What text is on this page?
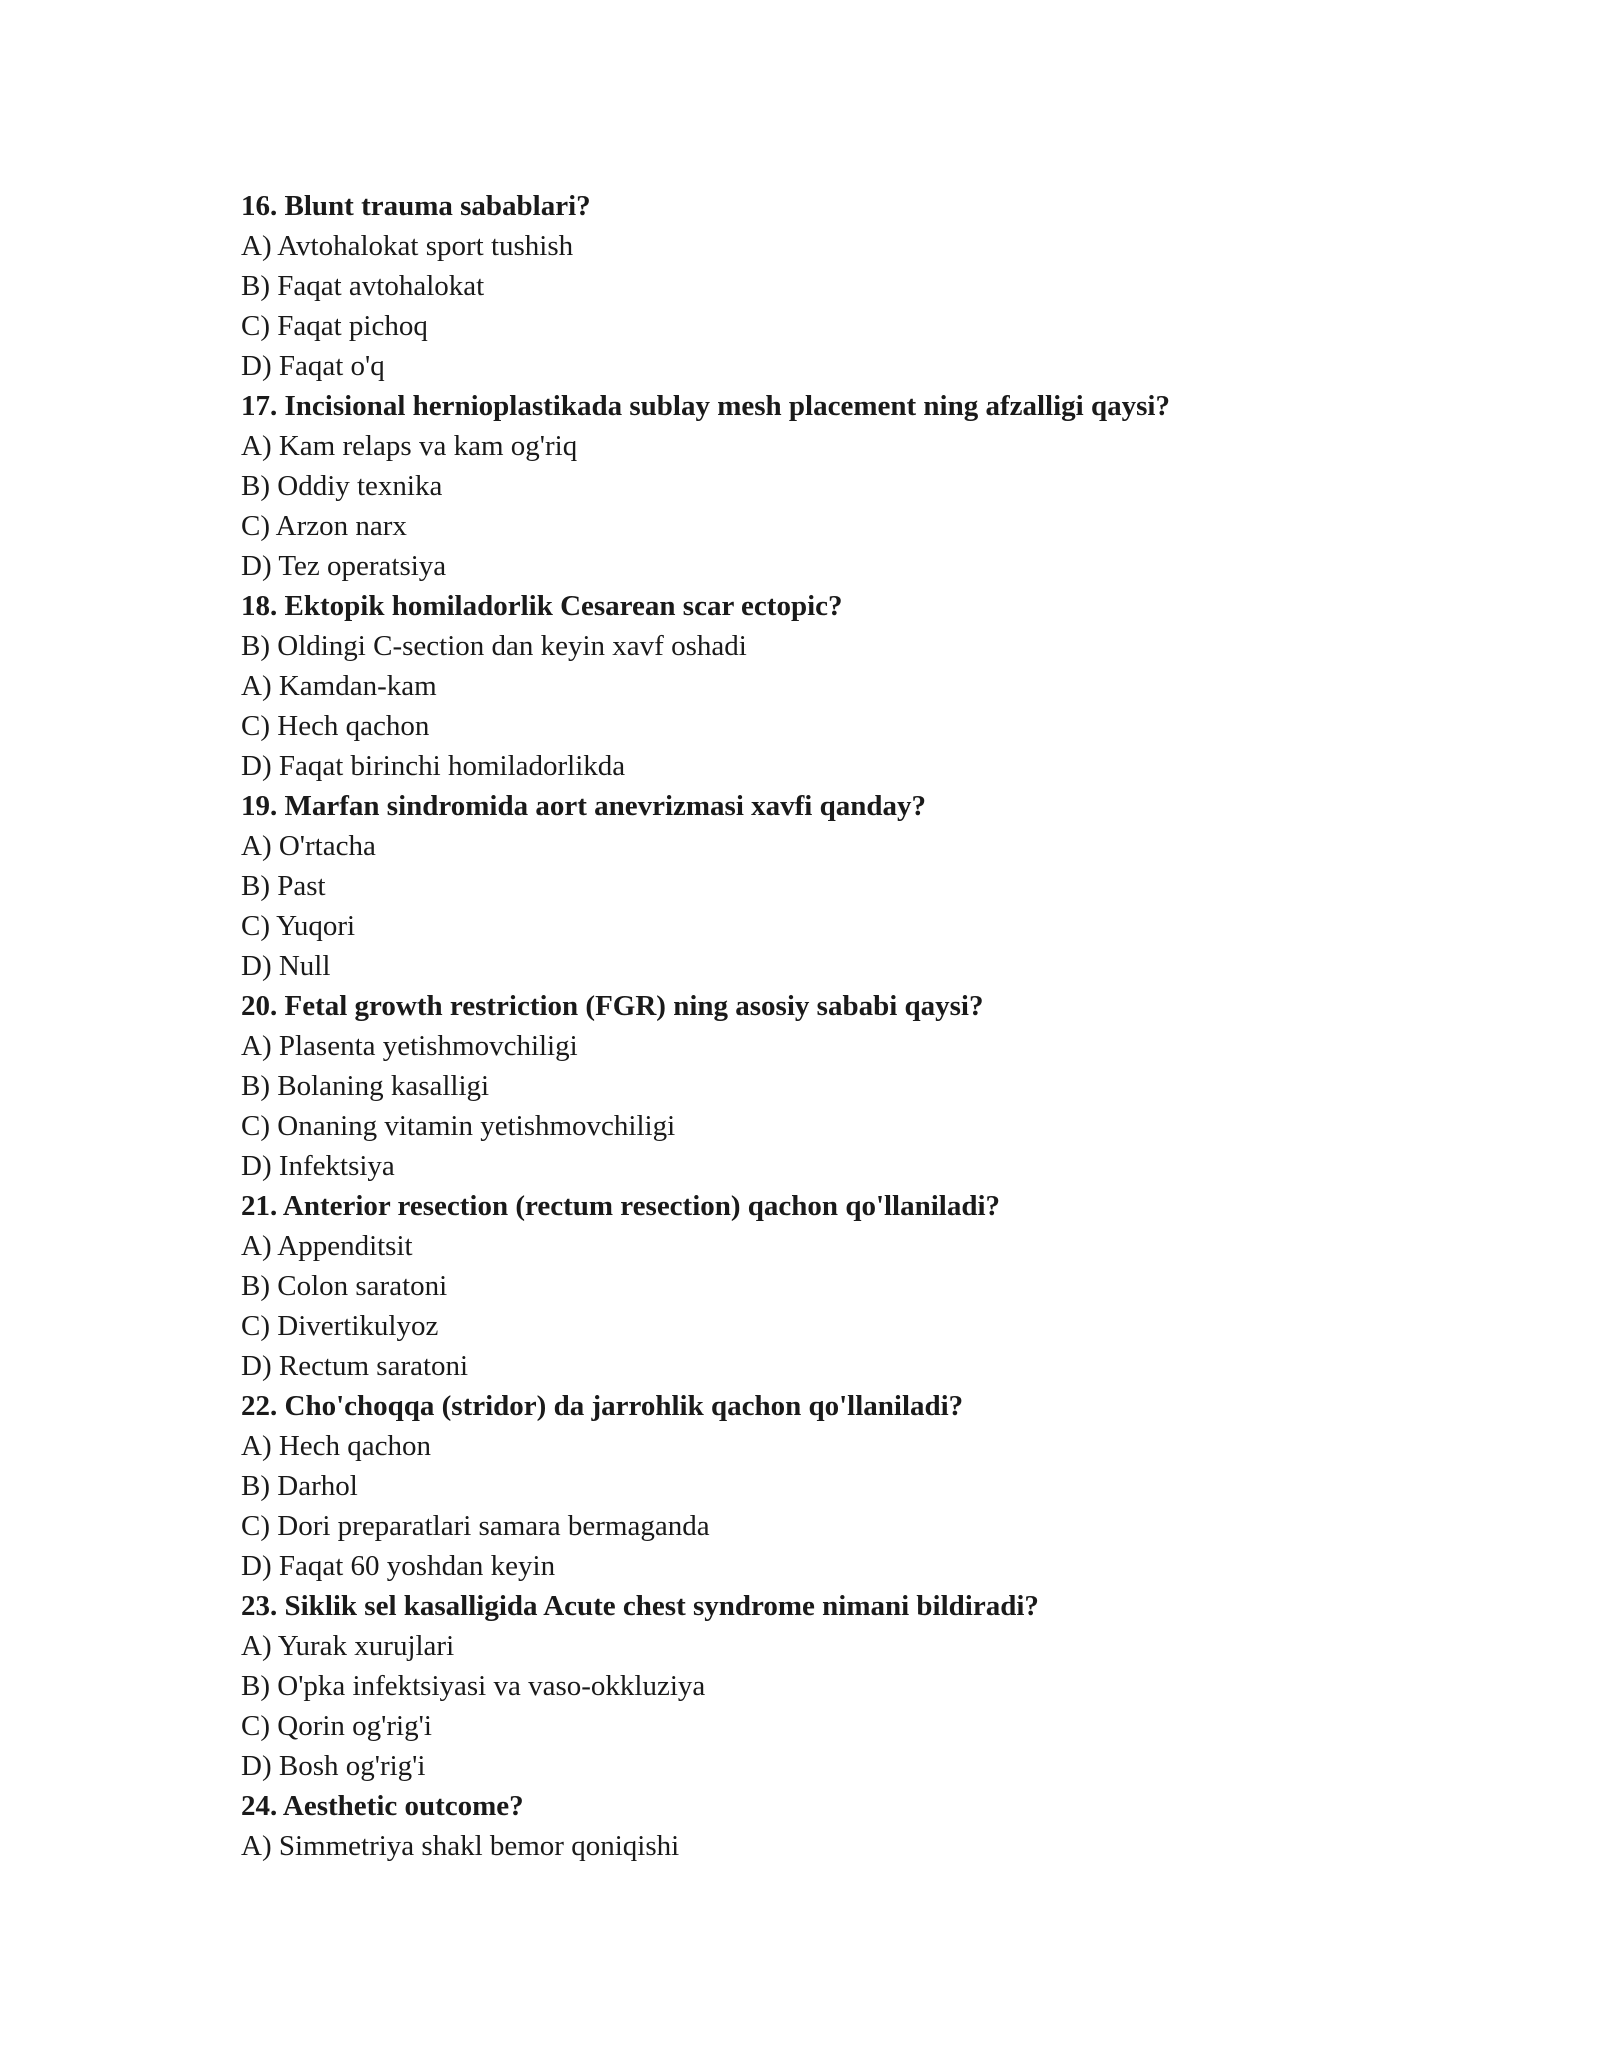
16. Blunt trauma sabablari?
A) Avtohalokat sport tushish
B) Faqat avtohalokat
C) Faqat pichoq
D) Faqat o'q
17. Incisional hernioplastikada sublay mesh placement ning afzalligi qaysi?
A) Kam relaps va kam og'riq
B) Oddiy texnika
C) Arzon narx
D) Tez operatsiya
18. Ektopik homiladorlik Cesarean scar ectopic?
B) Oldingi C-section dan keyin xavf oshadi
A) Kamdan-kam
C) Hech qachon
D) Faqat birinchi homiladorlikda
19. Marfan sindromida aort anevrizmasi xavfi qanday?
A) O'rtacha
B) Past
C) Yuqori
D) Null
20. Fetal growth restriction (FGR) ning asosiy sababi qaysi?
A) Plasenta yetishmovchiligi
B) Bolaning kasalligi
C) Onaning vitamin yetishmovchiligi
D) Infektsiya
21. Anterior resection (rectum resection) qachon qo'llaniladi?
A) Appenditsit
B) Colon saratoni
C) Divertikulyoz
D) Rectum saratoni
22. Cho'choqqa (stridor) da jarrohlik qachon qo'llaniladi?
A) Hech qachon
B) Darhol
C) Dori preparatlari samara bermaganda
D) Faqat 60 yoshdan keyin
23. Siklik sel kasalligida Acute chest syndrome nimani bildiradi?
A) Yurak xurujlari
B) O'pka infektsiyasi va vaso-okkluziya
C) Qorin og'rig'i
D) Bosh og'rig'i
24. Aesthetic outcome?
A) Simmetriya shakl bemor qoniqishi
